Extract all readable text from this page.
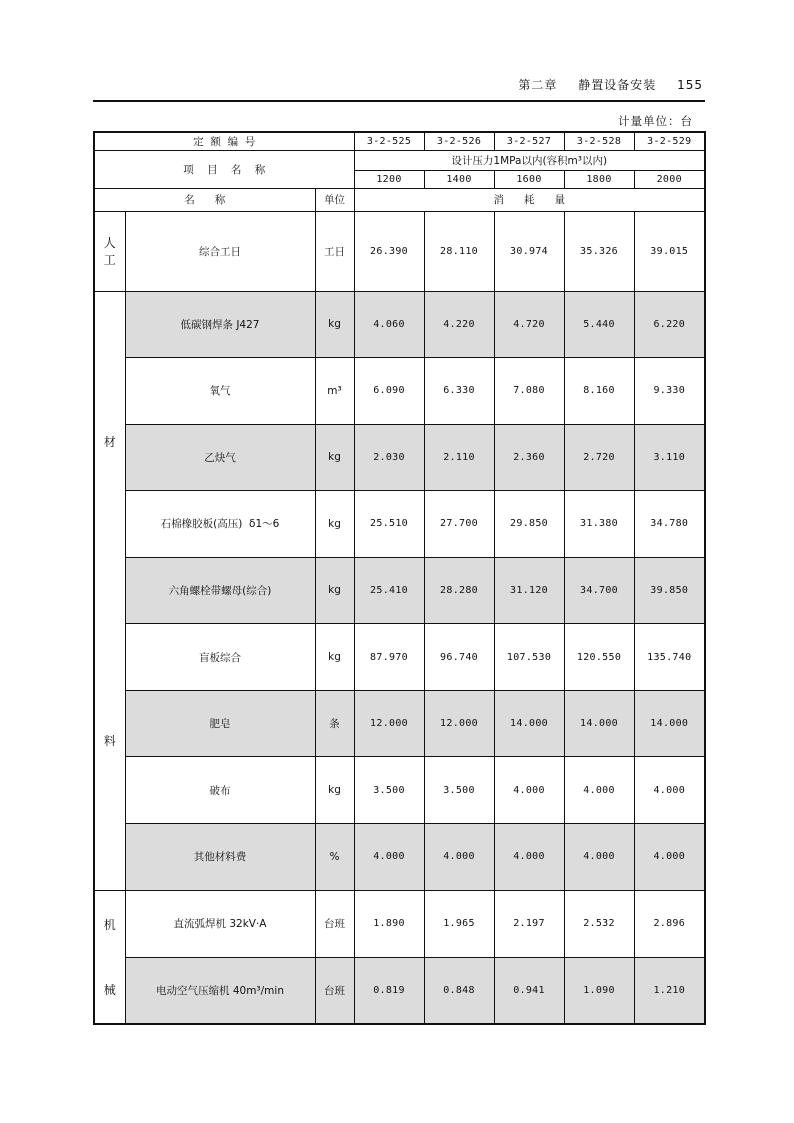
第二章 静置设备安装 155
计量单位：台
定  额  编  号			3-2-525	3-2-526	3-2-527	3-2-528	3-2-529
项    目    名    称			设计压力1MPa以内(容积m³以内)				
			1200	1400	1600	1800	2000
名      称		单位	消      耗      量				
人
工	综合工日	工日	26.390	28.110	30.974	35.326	39.015

材
料	低碳钢焊条 J427	kg	4.060	4.220	4.720	5.440	6.220
	氧气	m³	6.090	6.330	7.080	8.160	9.330
	乙炔气	kg	2.030	2.110	2.360	2.720	3.110
	石棉橡胶板(高压)  δ1～6	kg	25.510	27.700	29.850	31.380	34.780
	六角螺栓带螺母(综合)	kg	25.410	28.280	31.120	34.700	39.850
	盲板综合	kg	87.970	96.740	107.530	120.550	135.740
	肥皂	条	12.000	12.000	14.000	14.000	14.000
	破布	kg	3.500	3.500	4.000	4.000	4.000
	其他材料费	%	4.000	4.000	4.000	4.000	4.000

机
械	直流弧焊机 32kV·A	台班	1.890	1.965	2.197	2.532	2.896
	电动空气压缩机 40m³/min	台班	0.819	0.848	0.941	1.090	1.210
